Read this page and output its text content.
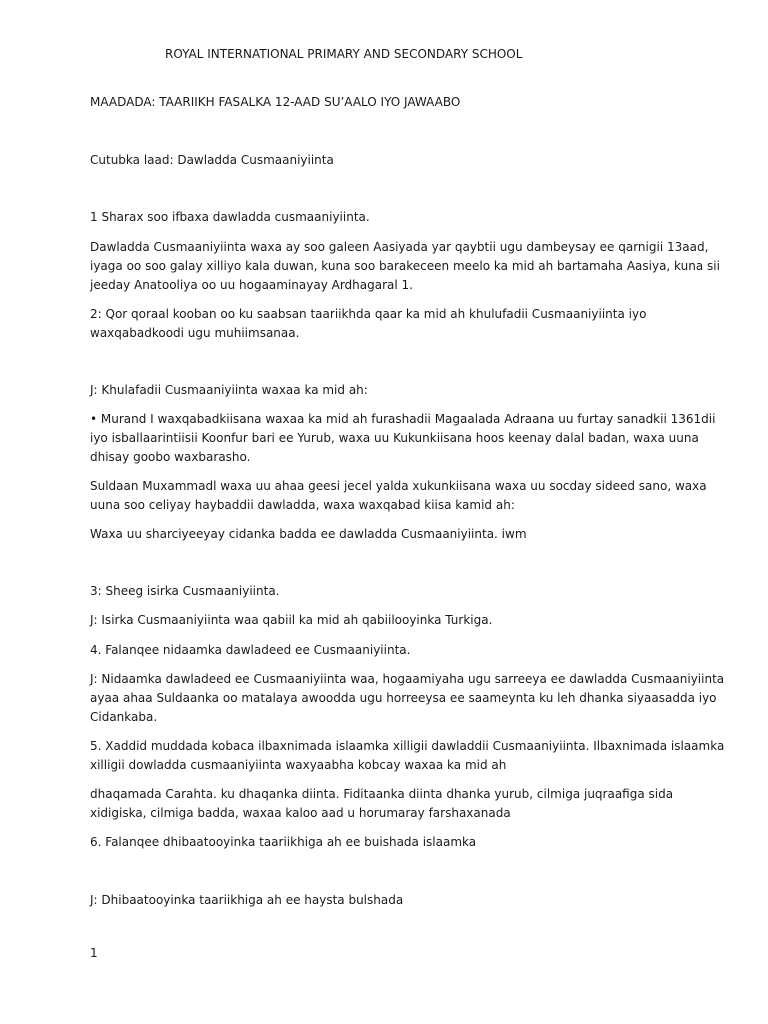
ROYAL INTERNATIONAL PRIMARY AND SECONDARY SCHOOL

MAADADA: TAARIIKH FASALKA 12-AAD SU’AALO IYO JAWAABO

Cutubka laad: Dawladda Cusmaaniyiinta

1 Sharax soo ifbaxa dawladda cusmaaniyiinta.

Dawladda Cusmaaniyiinta waxa ay soo galeen Aasiyada yar qaybtii ugu dambeysay ee qarnigii 13aad,

iyaga oo soo galay xilliyo kala duwan, kuna soo barakeceen meelo ka mid ah bartamaha Aasiya, kuna sii

jeeday Anatooliya oo uu hogaaminayay Ardhagaral 1.

2: Qor qoraal kooban oo ku saabsan taariikhda qaar ka mid ah khulufadii Cusmaaniyiinta iyo

waxqabadkoodi ugu muhiimsanaa.

J: Khulafadii Cusmaaniyiinta waxaa ka mid ah:

• Murand I waxqabadkiisana waxaa ka mid ah furashadii Magaalada Adraana uu furtay sanadkii 1361dii

iyo isballaarintiisii Koonfur bari ee Yurub, waxa uu Kukunkiisana hoos keenay dalal badan, waxa uuna

dhisay goobo waxbarasho.

Suldaan Muxammadl waxa uu ahaa geesi jecel yalda xukunkiisana waxa uu socday sideed sano, waxa

uuna soo celiyay haybaddii dawladda, waxa waxqabad kiisa kamid ah:

Waxa uu sharciyeeyay cidanka badda ee dawladda Cusmaaniyiinta. iwm

3: Sheeg isirka Cusmaaniyiinta.

J: Isirka Cusmaaniyiinta waa qabiil ka mid ah qabiilooyinka Turkiga.

4. Falanqee nidaamka dawladeed ee Cusmaaniyiinta.

J: Nidaamka dawladeed ee Cusmaaniyiinta waa, hogaamiyaha ugu sarreeya ee dawladda Cusmaaniyiinta

ayaa ahaa Suldaanka oo matalaya awoodda ugu horreeysa ee saameynta ku leh dhanka siyaasadda iyo

Cidankaba.

5. Xaddid muddada kobaca ilbaxnimada islaamka xilligii dawladdii Cusmaaniyiinta. Ilbaxnimada islaamka

xilligii dowladda cusmaaniyiinta waxyaabha kobcay waxaa ka mid ah

dhaqamada Carahta. ku dhaqanka diinta. Fiditaanka diinta dhanka yurub, cilmiga juqraafiga sida

xidigiska, cilmiga badda, waxaa kaloo aad u horumaray farshaxanada

6. Falanqee dhibaatooyinka taariikhiga ah ee buishada islaamka

J: Dhibaatooyinka taariikhiga ah ee haysta bulshada

1
